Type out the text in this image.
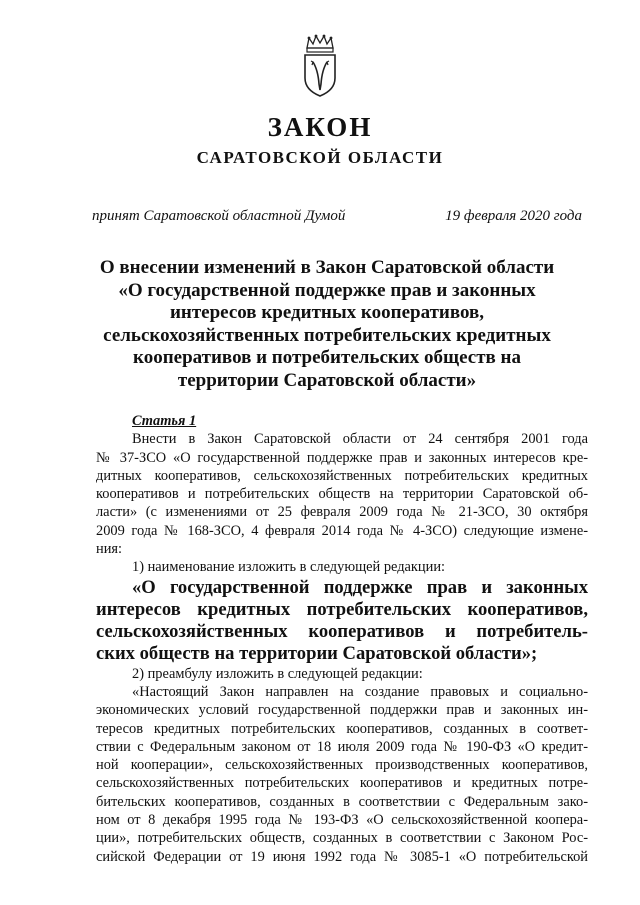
ЗАКОН
САРАТОВСКОЙ ОБЛАСТИ
принят Саратовской областной Думой	19 февраля 2020 года
О внесении изменений в Закон Саратовской области
«О государственной поддержке прав и законных
интересов кредитных кооперативов,
сельскохозяйственных потребительских кредитных
кооперативов и потребительских обществ на
территории Саратовской области»
Статья 1
Внести в Закон Саратовской области от 24 сентября 2001 года
№ 37-ЗСО «О государственной поддержке прав и законных интересов кре-
дитных кооперативов, сельскохозяйственных потребительских кредитных
кооперативов и потребительских обществ на территории Саратовской об-
ласти» (с изменениями от 25 февраля 2009 года № 21-ЗСО, 30 октября
2009 года № 168-ЗСО, 4 февраля 2014 года № 4-ЗСО) следующие измене-
ния:
1) наименование изложить в следующей редакции:
«О государственной поддержке прав и законных
интересов кредитных потребительских кооперативов,
сельскохозяйственных кооперативов и потребитель-
ских обществ на территории Саратовской области»;
2) преамбулу изложить в следующей редакции:
«Настоящий Закон направлен на создание правовых и социально-
экономических условий государственной поддержки прав и законных ин-
тересов кредитных потребительских кооперативов, созданных в соответ-
ствии с Федеральным законом от 18 июля 2009 года № 190-ФЗ «О кредит-
ной кооперации», сельскохозяйственных производственных кооперативов,
сельскохозяйственных потребительских кооперативов и кредитных потре-
бительских кооперативов, созданных в соответствии с Федеральным зако-
ном от 8 декабря 1995 года № 193-ФЗ «О сельскохозяйственной коопера-
ции», потребительских обществ, созданных в соответствии с Законом Рос-
сийской Федерации от 19 июня 1992 года № 3085-1 «О потребительской
